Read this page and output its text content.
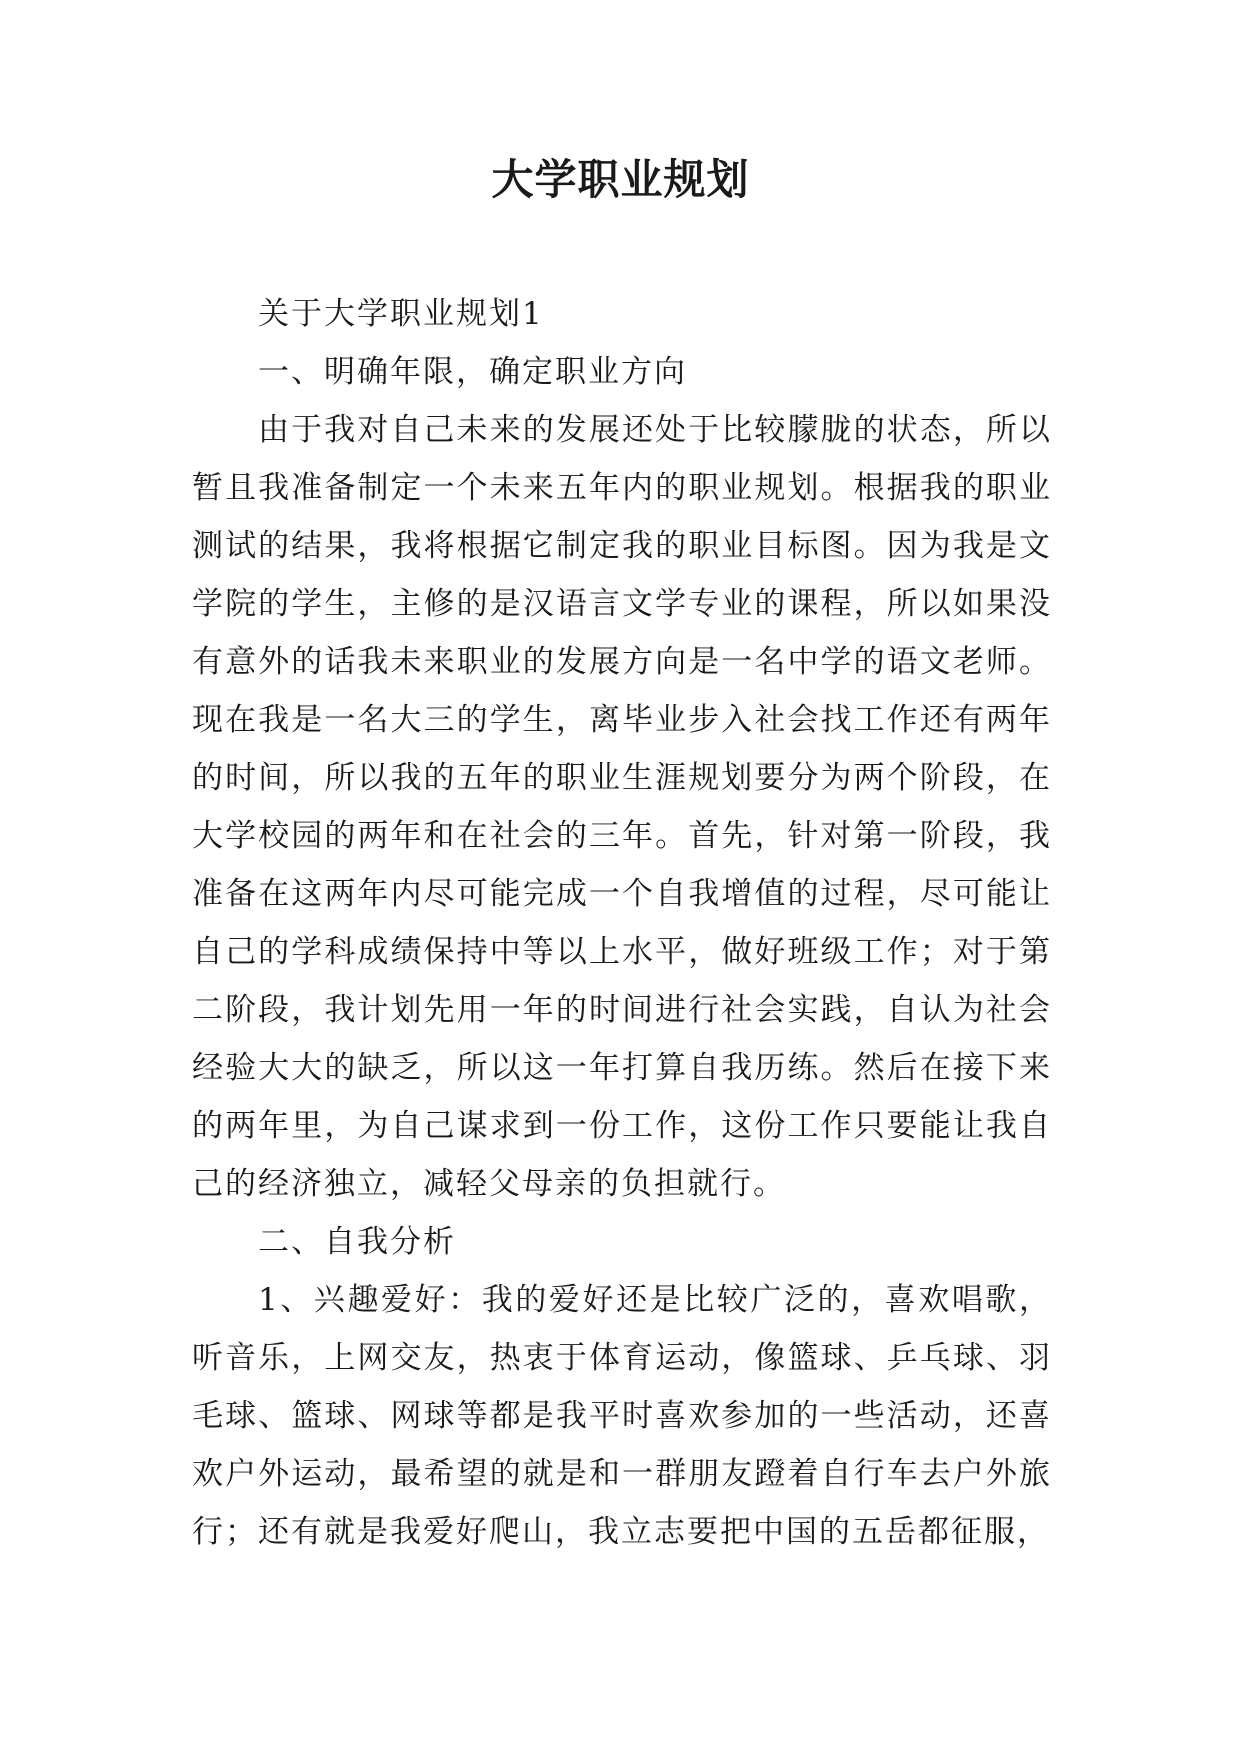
大学职业规划

关于大学职业规划1

一、明确年限，确定职业方向

由于我对自己未来的发展还处于比较朦胧的状态，所以暂且我准备制定一个未来五年内的职业规划。根据我的职业测试的结果，我将根据它制定我的职业目标图。因为我是文学院的学生，主修的是汉语言文学专业的课程，所以如果没有意外的话我未来职业的发展方向是一名中学的语文老师。现在我是一名大三的学生，离毕业步入社会找工作还有两年的时间，所以我的五年的职业生涯规划要分为两个阶段，在大学校园的两年和在社会的三年。首先，针对第一阶段，我准备在这两年内尽可能完成一个自我增值的过程，尽可能让自己的学科成绩保持中等以上水平，做好班级工作；对于第二阶段，我计划先用一年的时间进行社会实践，自认为社会经验大大的缺乏，所以这一年打算自我历练。然后在接下来的两年里，为自己谋求到一份工作，这份工作只要能让我自己的经济独立，减轻父母亲的负担就行。

二、自我分析

1、兴趣爱好：我的爱好还是比较广泛的，喜欢唱歌，听音乐，上网交友，热衷于体育运动，像篮球、乒乓球、羽毛球、篮球、网球等都是我平时喜欢参加的一些活动，还喜欢户外运动，最希望的就是和一群朋友蹬着自行车去户外旅行；还有就是我爱好爬山，我立志要把中国的五岳都征服，
